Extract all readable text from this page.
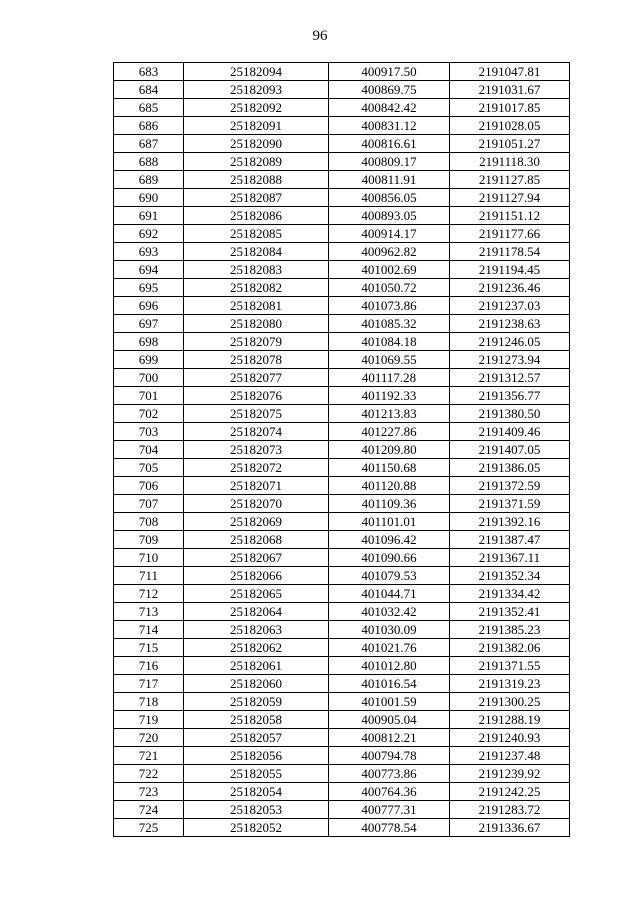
96
683	25182094	400917.50	2191047.81
684	25182093	400869.75	2191031.67
685	25182092	400842.42	2191017.85
686	25182091	400831.12	2191028.05
687	25182090	400816.61	2191051.27
688	25182089	400809.17	2191118.30
689	25182088	400811.91	2191127.85
690	25182087	400856.05	2191127.94
691	25182086	400893.05	2191151.12
692	25182085	400914.17	2191177.66
693	25182084	400962.82	2191178.54
694	25182083	401002.69	2191194.45
695	25182082	401050.72	2191236.46
696	25182081	401073.86	2191237.03
697	25182080	401085.32	2191238.63
698	25182079	401084.18	2191246.05
699	25182078	401069.55	2191273.94
700	25182077	401117.28	2191312.57
701	25182076	401192.33	2191356.77
702	25182075	401213.83	2191380.50
703	25182074	401227.86	2191409.46
704	25182073	401209.80	2191407.05
705	25182072	401150.68	2191386.05
706	25182071	401120.88	2191372.59
707	25182070	401109.36	2191371.59
708	25182069	401101.01	2191392.16
709	25182068	401096.42	2191387.47
710	25182067	401090.66	2191367.11
711	25182066	401079.53	2191352.34
712	25182065	401044.71	2191334.42
713	25182064	401032.42	2191352.41
714	25182063	401030.09	2191385.23
715	25182062	401021.76	2191382.06
716	25182061	401012.80	2191371.55
717	25182060	401016.54	2191319.23
718	25182059	401001.59	2191300.25
719	25182058	400905.04	2191288.19
720	25182057	400812.21	2191240.93
721	25182056	400794.78	2191237.48
722	25182055	400773.86	2191239.92
723	25182054	400764.36	2191242.25
724	25182053	400777.31	2191283.72
725	25182052	400778.54	2191336.67
